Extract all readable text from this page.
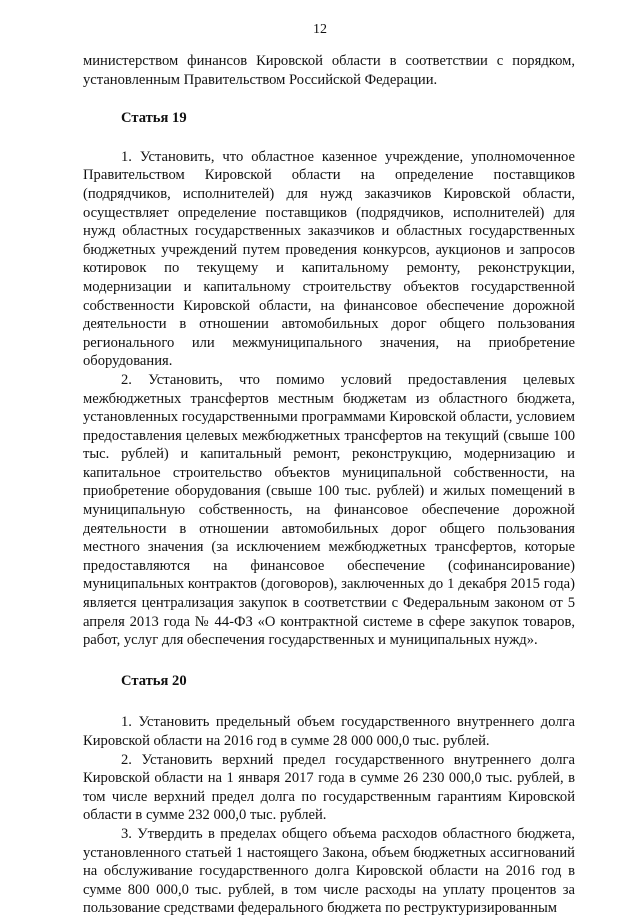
12

министерством финансов Кировской области в соответствии с порядком, установленным Правительством Российской Федерации.

Статья 19

1. Установить, что областное казенное учреждение, уполномоченное Правительством Кировской области на определение поставщиков (подрядчиков, исполнителей) для нужд заказчиков Кировской области, осуществляет определение поставщиков (подрядчиков, исполнителей) для нужд областных государственных заказчиков и областных государственных бюджетных учреждений путем проведения конкурсов, аукционов и запросов котировок по текущему и капитальному ремонту, реконструкции, модернизации и капитальному строительству объектов государственной собственности Кировской области, на финансовое обеспечение дорожной деятельности в отношении автомобильных дорог общего пользования регионального или межмуниципального значения, на приобретение оборудования.

2. Установить, что помимо условий предоставления целевых межбюджетных трансфертов местным бюджетам из областного бюджета, установленных государственными программами Кировской области, условием предоставления целевых межбюджетных трансфертов на текущий (свыше 100 тыс. рублей) и капитальный ремонт, реконструкцию, модернизацию и капитальное строительство объектов муниципальной собственности, на приобретение оборудования (свыше 100 тыс. рублей) и жилых помещений в муниципальную собственность, на финансовое обеспечение дорожной деятельности в отношении автомобильных дорог общего пользования местного значения (за исключением межбюджетных трансфертов, которые предоставляются на финансовое обеспечение (софинансирование) муниципальных контрактов (договоров), заключенных до 1 декабря 2015 года) является централизация закупок в соответствии с Федеральным законом от 5 апреля 2013 года № 44-ФЗ «О контрактной системе в сфере закупок товаров, работ, услуг для обеспечения государственных и муниципальных нужд».

Статья 20

1. Установить предельный объем государственного внутреннего долга Кировской области на 2016 год в сумме 28 000 000,0 тыс. рублей.

2. Установить верхний предел государственного внутреннего долга Кировской области на 1 января 2017 года в сумме 26 230 000,0 тыс. рублей, в том числе верхний предел долга по государственным гарантиям Кировской области в сумме 232 000,0 тыс. рублей.

3. Утвердить в пределах общего объема расходов областного бюджета, установленного статьей 1 настоящего Закона, объем бюджетных ассигнований на обслуживание государственного долга Кировской области на 2016 год в сумме 800 000,0 тыс. рублей, в том числе расходы на уплату процентов за пользование средствами федерального бюджета по реструктуризированным
